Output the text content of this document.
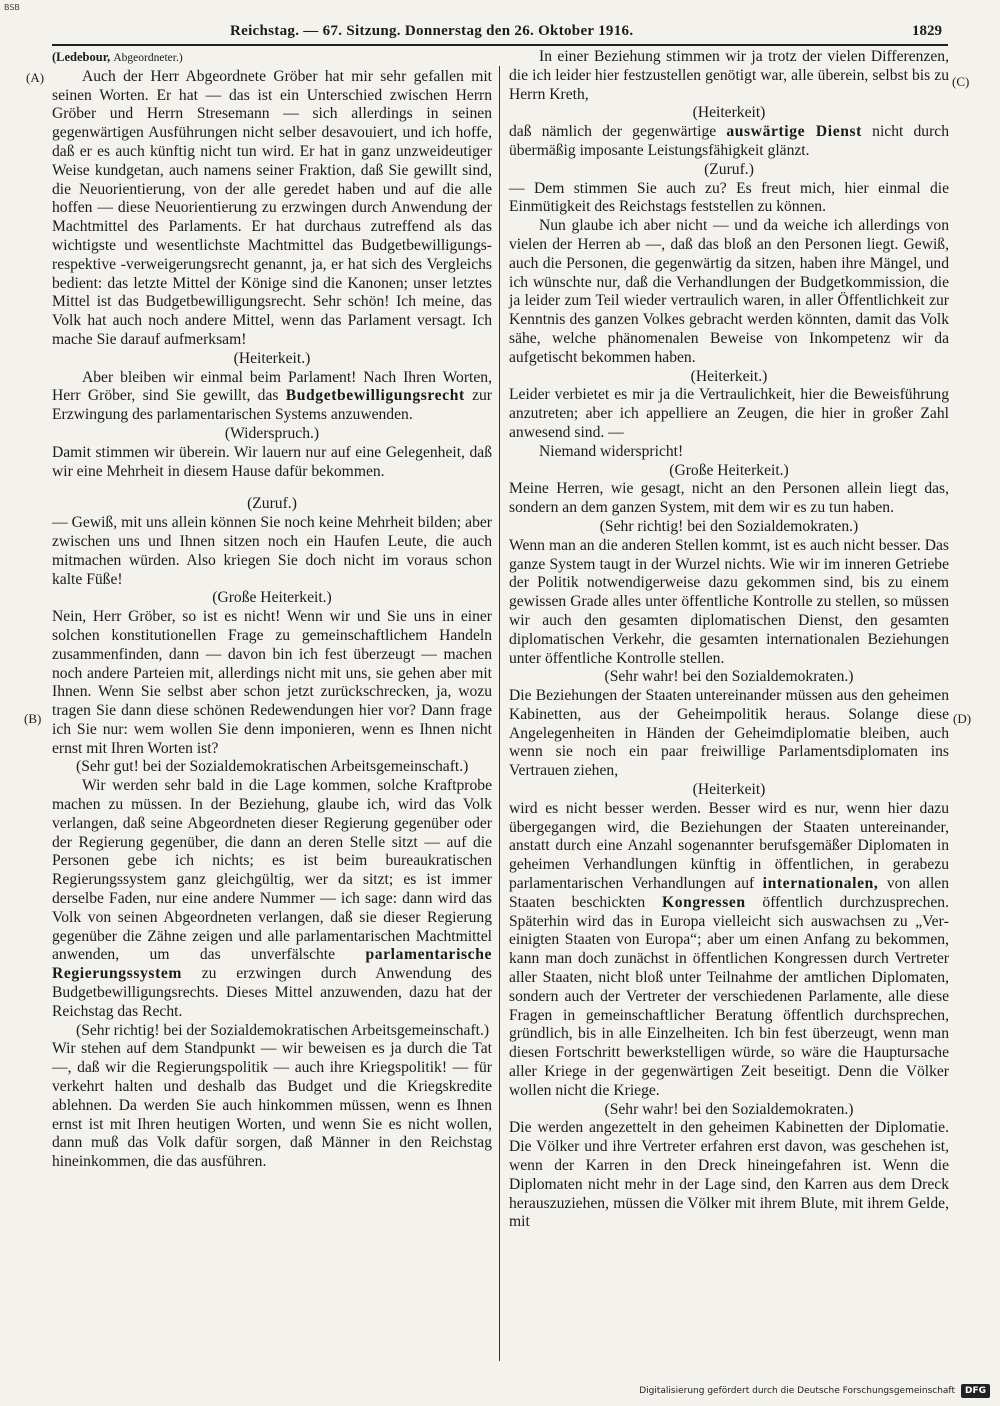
BSB
Reichstag. — 67. Sitzung. Donnerstag den 26. Oktober 1916.	1829
(A)
(B)
(C)
(D)

(Ledebour, Abgeordneter.)

Auch der Herr Abgeordnete Gröber hat mir sehr gefallen mit seinen Worten. Er hat — das ist ein Unterschied zwischen Herrn Gröber und Herrn Stresemann — sich allerdings in seinen gegenwärtigen Ausführungen nicht selber desavouiert, und ich hoffe, daß er es auch künftig nicht tun wird. Er hat in ganz unzweideutiger Weise kundgetan, auch namens seiner Fraktion, daß Sie gewillt sind, die Neuorientierung, von der alle geredet haben und auf die alle hoffen — diese Neuorientierung zu erzwingen durch Anwendung der Machtmittel des Parlaments. Er hat durchaus zutreffend als das wichtigste und wesentlichste Machtmittel das Budgetbewilligungs- respektive -verweigerungsrecht genannt, ja, er hat sich des Vergleichs bedient: das letzte Mittel der Könige sind die Kanonen; unser letztes Mittel ist das Budgetbewilligungsrecht. Sehr schön! Ich meine, das Volk hat auch noch andere Mittel, wenn das Parlament versagt. Ich mache Sie darauf aufmerksam!

(Heiterkeit.)

Aber bleiben wir einmal beim Parlament! Nach Ihren Worten, Herr Gröber, sind Sie gewillt, das Budgetbewilligungsrecht zur Erzwingung des parlamentarischen Systems anzuwenden.

(Widerspruch.)

Damit stimmen wir überein. Wir lauern nur auf eine Gelegenheit, daß wir eine Mehrheit in diesem Hause dafür bekommen.

(Zuruf.)

— Gewiß, mit uns allein können Sie noch keine Mehrheit bilden; aber zwischen uns und Ihnen sitzen noch ein Haufen Leute, die auch mitmachen würden. Also kriegen Sie doch nicht im voraus schon kalte Füße!

(Große Heiterkeit.)

Nein, Herr Gröber, so ist es nicht! Wenn wir und Sie uns in einer solchen konstitutionellen Frage zu gemeinschaftlichem Handeln zusammenfinden, dann — davon bin ich fest überzeugt — machen noch andere Parteien mit, allerdings nicht mit uns, sie gehen aber mit Ihnen. Wenn Sie selbst aber schon jetzt zurückschrecken, ja, wozu tragen Sie dann diese schönen Redewendungen hier vor? Dann frage ich Sie nur: wem wollen Sie denn imponieren, wenn es Ihnen nicht ernst mit Ihren Worten ist?

(Sehr gut! bei der Sozialdemokratischen Arbeitsgemeinschaft.)

Wir werden sehr bald in die Lage kommen, solche Kraftprobe machen zu müssen. In der Beziehung, glaube ich, wird das Volk verlangen, daß seine Abgeordneten dieser Regierung gegenüber oder der Regierung gegenüber, die dann an deren Stelle sitzt — auf die Personen gebe ich nichts; es ist beim bureaukratischen Regierungssystem ganz gleichgültig, wer da sitzt; es ist immer derselbe Faden, nur eine andere Nummer — ich sage: dann wird das Volk von seinen Abgeordneten verlangen, daß sie dieser Regierung gegenüber die Zähne zeigen und alle parlamentarischen Machtmittel anwenden, um das unverfälschte parlamentarische Regierungssystem zu erzwingen durch Anwendung des Budgetbewilligungsrechts. Dieses Mittel anzuwenden, dazu hat der Reichstag das Recht.

(Sehr richtig! bei der Sozialdemokratischen Arbeitsgemeinschaft.)

Wir stehen auf dem Standpunkt — wir beweisen es ja durch die Tat —, daß wir die Regierungspolitik — auch ihre Kriegspolitik! — für verkehrt halten und deshalb das Budget und die Kriegskredite ablehnen. Da werden Sie auch hinkommen müssen, wenn es Ihnen ernst ist mit Ihren heutigen Worten, und wenn Sie es nicht wollen, dann muß das Volk dafür sorgen, daß Männer in den Reichstag hineinkommen, die das ausführen.

In einer Beziehung stimmen wir ja trotz der vielen Differenzen, die ich leider hier festzustellen genötigt war, alle überein, selbst bis zu Herrn Kreth,

(Heiterkeit)

daß nämlich der gegenwärtige auswärtige Dienst nicht durch übermäßig imposante Leistungsfähigkeit glänzt.

(Zuruf.)

— Dem stimmen Sie auch zu? Es freut mich, hier einmal die Einmütigkeit des Reichstags feststellen zu können.

Nun glaube ich aber nicht — und da weiche ich allerdings von vielen der Herren ab —, daß das bloß an den Personen liegt. Gewiß, auch die Personen, die gegenwärtig da sitzen, haben ihre Mängel, und ich wünschte nur, daß die Verhandlungen der Budgetkommission, die ja leider zum Teil wieder vertraulich waren, in aller Öffentlichkeit zur Kenntnis des ganzen Volkes gebracht werden könnten, damit das Volk sähe, welche phänomenalen Beweise von Inkompetenz wir da aufgetischt bekommen haben.

(Heiterkeit.)

Leider verbietet es mir ja die Vertraulichkeit, hier die Beweisführung anzutreten; aber ich appelliere an Zeugen, die hier in großer Zahl anwesend sind. —

Niemand widerspricht!

(Große Heiterkeit.)

Meine Herren, wie gesagt, nicht an den Personen allein liegt das, sondern an dem ganzen System, mit dem wir es zu tun haben.

(Sehr richtig! bei den Sozialdemokraten.)

Wenn man an die anderen Stellen kommt, ist es auch nicht besser. Das ganze System taugt in der Wurzel nichts. Wie wir im inneren Getriebe der Politik notwendigerweise dazu gekommen sind, bis zu einem gewissen Grade alles unter öffentliche Kontrolle zu stellen, so müssen wir auch den gesamten diplomatischen Dienst, den gesamten diplomatischen Verkehr, die gesamten internationalen Beziehungen unter öffentliche Kontrolle stellen.

(Sehr wahr! bei den Sozialdemokraten.)

Die Beziehungen der Staaten untereinander müssen aus den geheimen Kabinetten, aus der Geheimpolitik heraus. Solange diese Angelegenheiten in Händen der Geheimdiplomatie bleiben, auch wenn sie noch ein paar freiwillige Parlamentsdiplomaten ins Vertrauen ziehen,

(Heiterkeit)

wird es nicht besser werden. Besser wird es nur, wenn hier dazu übergegangen wird, die Beziehungen der Staaten untereinander, anstatt durch eine Anzahl sogenannter berufsgemäßer Diplomaten in geheimen Verhandlungen künftig in öffentlichen, in gerabezu parlamentarischen Verhandlungen auf internationalen, von allen Staaten beschickten Kongressen öffentlich durchzusprechen. Späterhin wird das in Europa vielleicht sich auswachsen zu „Vereinigten Staaten von Europa“; aber um einen Anfang zu bekommen, kann man doch zunächst in öffentlichen Kongressen durch Vertreter aller Staaten, nicht bloß unter Teilnahme der amtlichen Diplomaten, sondern auch der Vertreter der verschiedenen Parlamente, alle diese Fragen in gemeinschaftlicher Beratung öffentlich durchsprechen, gründlich, bis in alle Einzelheiten. Ich bin fest überzeugt, wenn man diesen Fortschritt bewerkstelligen würde, so wäre die Hauptursache aller Kriege in der gegenwärtigen Zeit beseitigt. Denn die Völker wollen nicht die Kriege.

(Sehr wahr! bei den Sozialdemokraten.)

Die werden angezettelt in den geheimen Kabinetten der Diplomatie. Die Völker und ihre Vertreter erfahren erst davon, was geschehen ist, wenn der Karren in den Dreck hineingefahren ist. Wenn die Diplomaten nicht mehr in der Lage sind, den Karren aus dem Dreck herauszuziehen, müssen die Völker mit ihrem Blute, mit ihrem Gelde, mit

Digitalisierung gefördert durch die Deutsche Forschungsgemeinschaft	DFG
